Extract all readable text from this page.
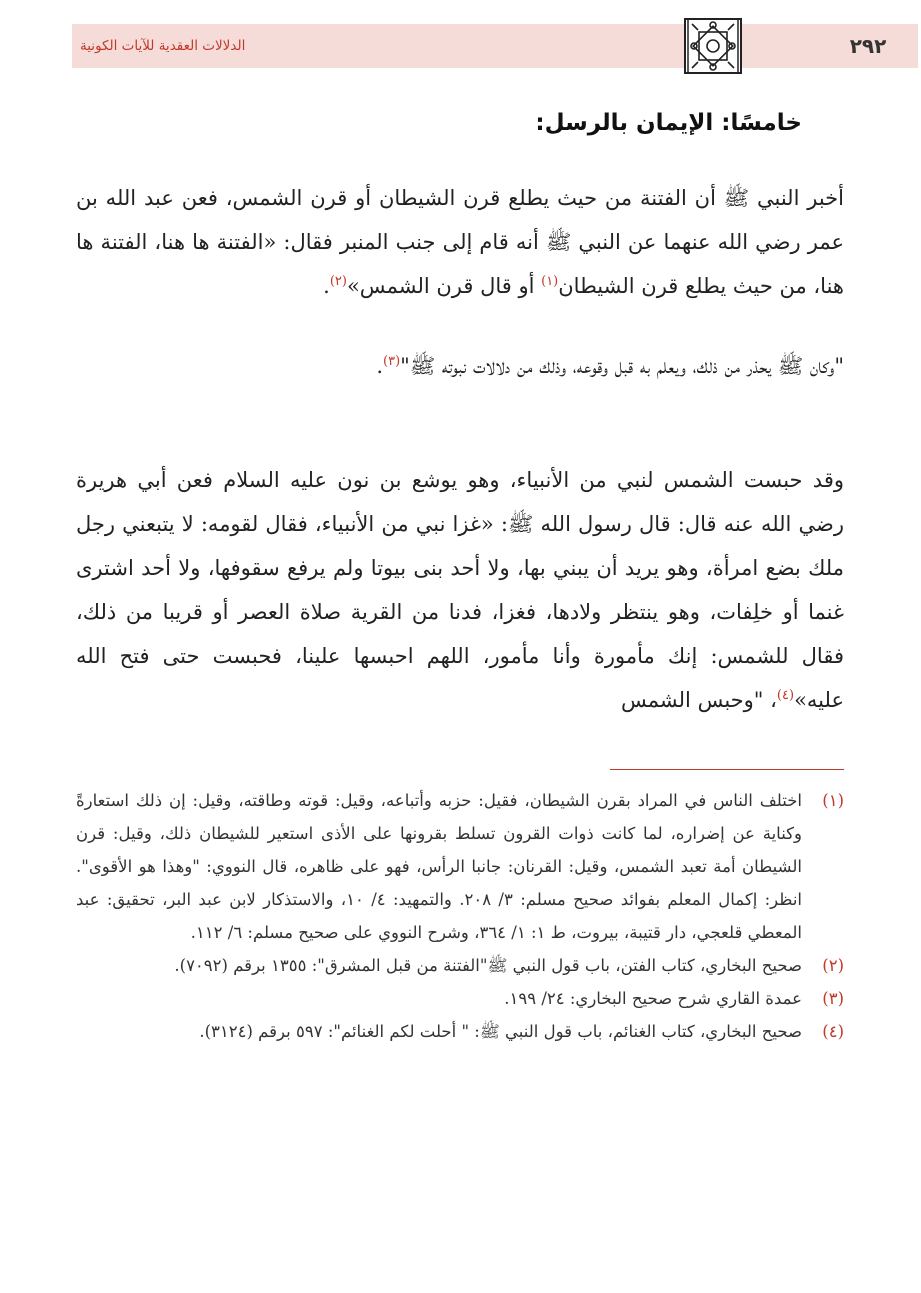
٢٩٢
الدلالات العقدية للآيات الكونية
خامسًا: الإيمان بالرسل:
أخبر النبي ﷺ أن الفتنة من حيث يطلع قرن الشيطان أو قرن الشمس، فعن عبد الله بن عمر رضي الله عنهما عن النبي ﷺ أنه قام إلى جنب المنبر فقال: «الفتنة ها هنا، الفتنة ها هنا، من حيث يطلع قرن الشيطان$^{(١)}$ أو قال قرن الشمس»$^{(٢)}$.
"وكان ﷺ يحذر من ذلك، ويعلم به قبل وقوعه، وذلك من دلالات نبوته ﷺ"$^{(٣)}$.
وقد حبست الشمس لنبي من الأنبياء، وهو يوشع بن نون عليه السلام فعن أبي هريرة رضي الله عنه قال: قال رسول الله ﷺ: «غزا نبي من الأنبياء، فقال لقومه: لا يتبعني رجل ملك بضع امرأة، وهو يريد أن يبني بها، ولا أحد بنى بيوتا ولم يرفع سقوفها، ولا أحد اشترى غنما أو خلِفات، وهو ينتظر ولادها، فغزا، فدنا من القرية صلاة العصر أو قريبا من ذلك، فقال للشمس: إنك مأمورة وأنا مأمور، اللهم احبسها علينا، فحبست حتى فتح الله عليه»$^{(٤)}$، "وحبس الشمس
(١)
اختلف الناس في المراد بقرن الشيطان، فقيل: حزبه وأتباعه، وقيل: قوته وطاقته، وقيل: إن ذلك استعارةً وكناية عن إضراره، لما كانت ذوات القرون تسلط بقرونها على الأذى استعير للشيطان ذلك، وقيل: قرن الشيطان أمة تعبد الشمس، وقيل: القرنان: جانبا الرأس، فهو على ظاهره، قال النووي: "وهذا هو الأقوى". انظر: إكمال المعلم بفوائد صحيح مسلم: ٣/ ٢٠٨. والتمهيد: ٤/ ١٠، والاستذكار لابن عبد البر، تحقيق: عبد المعطي قلعجي، دار قتيبة، بيروت، ط ١: ١/ ٣٦٤، وشرح النووي على صحيح مسلم: ٦/ ١١٢.
(٢)
صحيح البخاري، كتاب الفتن، باب قول النبي ﷺ"الفتنة من قبل المشرق": ١٣٥٥ برقم (٧٠٩٢).
(٣)
عمدة القاري شرح صحيح البخاري: ٢٤/ ١٩٩.
(٤)
صحيح البخاري، كتاب الغنائم، باب قول النبي ﷺ: " أحلت لكم الغنائم": ٥٩٧ برقم (٣١٢٤).
